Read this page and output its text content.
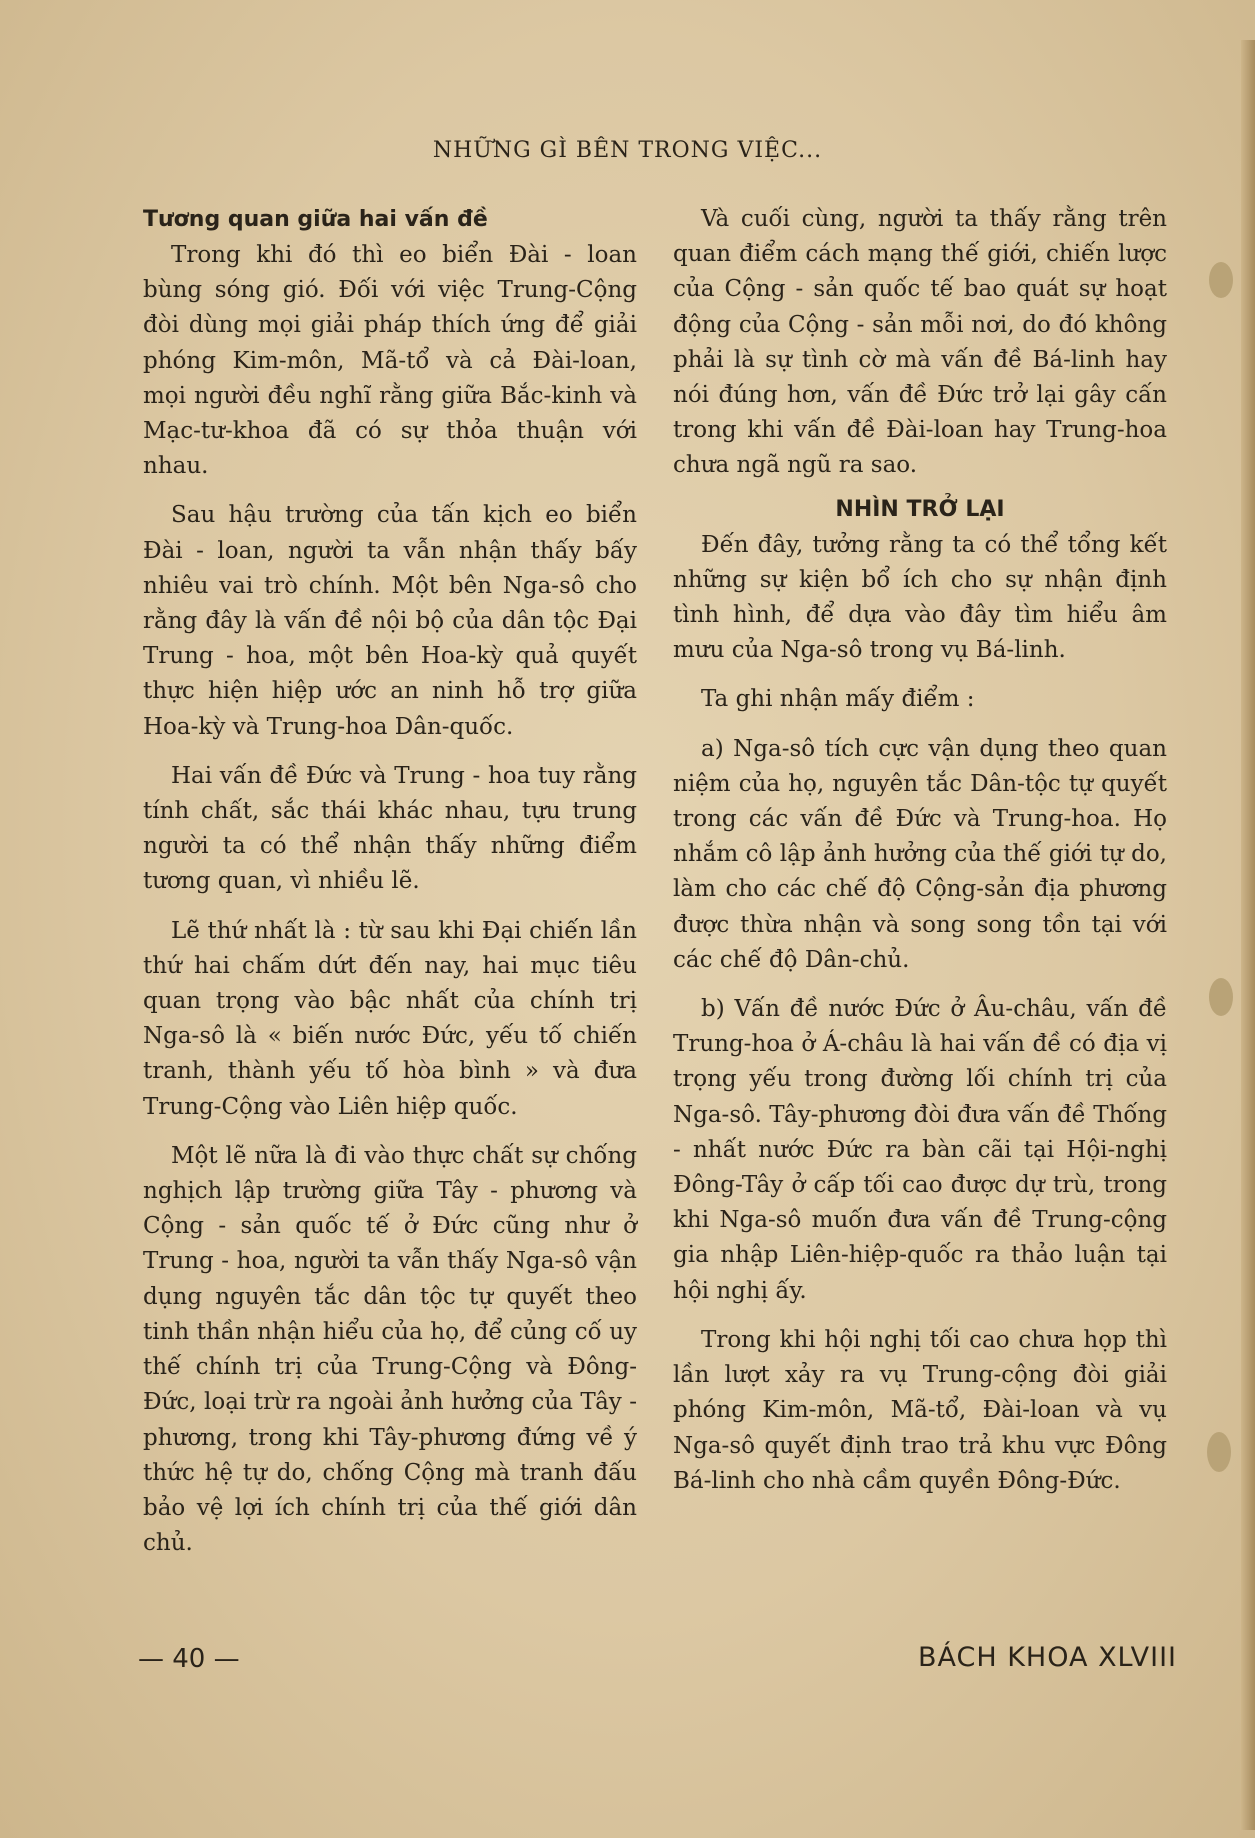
NHỮNG GÌ BÊN TRONG VIỆC...
Tương quan giữa hai vấn đề

Trong khi đó thì eo biển Đài - loan bùng sóng gió. Đối với việc Trung-Cộng đòi dùng mọi giải pháp thích ứng để giải phóng Kim-môn, Mã-tổ và cả Đài-loan, mọi người đều nghĩ rằng giữa Bắc-kinh và Mạc-tư-khoa đã có sự thỏa thuận với nhau.

Sau hậu trường của tấn kịch eo biển Đài - loan, người ta vẫn nhận thấy bấy nhiêu vai trò chính. Một bên Nga-sô cho rằng đây là vấn đề nội bộ của dân tộc Đại Trung - hoa, một bên Hoa-kỳ quả quyết thực hiện hiệp ước an ninh hỗ trợ giữa Hoa-kỳ và Trung-hoa Dân-quốc.

Hai vấn đề Đức và Trung - hoa tuy rằng tính chất, sắc thái khác nhau, tựu trung người ta có thể nhận thấy những điểm tương quan, vì nhiều lẽ.

Lẽ thứ nhất là : từ sau khi Đại chiến lần thứ hai chấm dứt đến nay, hai mục tiêu quan trọng vào bậc nhất của chính trị Nga-sô là « biến nước Đức, yếu tố chiến tranh, thành yếu tố hòa bình » và đưa Trung-Cộng vào Liên hiệp quốc.

Một lẽ nữa là đi vào thực chất sự chống nghịch lập trường giữa Tây - phương và Cộng - sản quốc tế ở Đức cũng như ở Trung - hoa, người ta vẫn thấy Nga-sô vận dụng nguyên tắc dân tộc tự quyết theo tinh thần nhận hiểu của họ, để củng cố uy thế chính trị của Trung-Cộng và Đông-Đức, loại trừ ra ngoài ảnh hưởng của Tây - phương, trong khi Tây-phương đứng về ý thức hệ tự do, chống Cộng mà tranh đấu bảo vệ lợi ích chính trị của thế giới dân chủ.

Và cuối cùng, người ta thấy rằng trên quan điểm cách mạng thế giới, chiến lược của Cộng - sản quốc tế bao quát sự hoạt động của Cộng - sản mỗi nơi, do đó không phải là sự tình cờ mà vấn đề Bá-linh hay nói đúng hơn, vấn đề Đức trở lại gây cấn trong khi vấn đề Đài-loan hay Trung-hoa chưa ngã ngũ ra sao.

NHÌN TRỞ LẠI

Đến đây, tưởng rằng ta có thể tổng kết những sự kiện bổ ích cho sự nhận định tình hình, để dựa vào đây tìm hiểu âm mưu của Nga-sô trong vụ Bá-linh.

Ta ghi nhận mấy điểm :

a) Nga-sô tích cực vận dụng theo quan niệm của họ, nguyên tắc Dân-tộc tự quyết trong các vấn đề Đức và Trung-hoa. Họ nhắm cô lập ảnh hưởng của thế giới tự do, làm cho các chế độ Cộng-sản địa phương được thừa nhận và song song tồn tại với các chế độ Dân-chủ.

b) Vấn đề nước Đức ở Âu-châu, vấn đề Trung-hoa ở Á-châu là hai vấn đề có địa vị trọng yếu trong đường lối chính trị của Nga-sô. Tây-phương đòi đưa vấn đề Thống - nhất nước Đức ra bàn cãi tại Hội-nghị Đông-Tây ở cấp tối cao được dự trù, trong khi Nga-sô muốn đưa vấn đề Trung-cộng gia nhập Liên-hiệp-quốc ra thảo luận tại hội nghị ấy.

Trong khi hội nghị tối cao chưa họp thì lần lượt xảy ra vụ Trung-cộng đòi giải phóng Kim-môn, Mã-tổ, Đài-loan và vụ Nga-sô quyết định trao trả khu vực Đông Bá-linh cho nhà cầm quyền Đông-Đức.

— 40 —	BÁCH KHOA XLVIII
